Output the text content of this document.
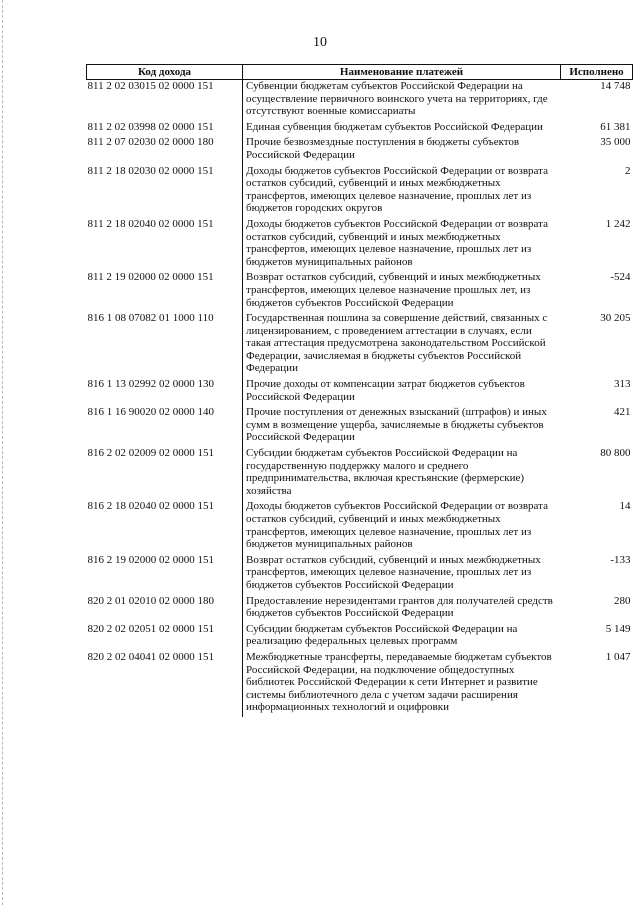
10
Код дохода	Наименование платежей	Исполнено
811 2 02 03015 02 0000 151	Субвенции бюджетам субъектов Российской Федерации на осуществление первичного воинского учета на территориях, где отсутствуют военные комиссариаты	14 748
811 2 02 03998 02 0000 151	Единая субвенция бюджетам субъектов Российской Федерации	61 381
811 2 07 02030 02 0000 180	Прочие безвозмездные поступления в бюджеты субъектов Российской Федерации	35 000
811 2 18 02030 02 0000 151	Доходы бюджетов субъектов Российской Федерации от возврата остатков субсидий, субвенций и иных межбюджетных трансфертов, имеющих целевое назначение, прошлых лет из бюджетов городских округов	2
811 2 18 02040 02 0000 151	Доходы бюджетов субъектов Российской Федерации от возврата остатков субсидий, субвенций и иных межбюджетных трансфертов, имеющих целевое назначение, прошлых лет из бюджетов муниципальных районов	1 242
811 2 19 02000 02 0000 151	Возврат остатков субсидий, субвенций и иных межбюджетных трансфертов, имеющих целевое назначение прошлых лет, из бюджетов субъектов Российской Федерации	-524
816 1 08 07082 01 1000 110	Государственная пошлина за совершение действий, связанных с лицензированием, с проведением аттестации в случаях, если такая аттестация предусмотрена законодательством Российской Федерации, зачисляемая в бюджеты субъектов Российской Федерации	30 205
816 1 13 02992 02 0000 130	Прочие доходы от компенсации затрат бюджетов субъектов Российской Федерации	313
816 1 16 90020 02 0000 140	Прочие поступления от денежных взысканий (штрафов) и иных сумм в возмещение ущерба, зачисляемые в бюджеты субъектов Российской Федерации	421
816 2 02 02009 02 0000 151	Субсидии бюджетам субъектов Российской Федерации на государственную поддержку малого и среднего предпринимательства, включая крестьянские (фермерские) хозяйства	80 800
816 2 18 02040 02 0000 151	Доходы бюджетов субъектов Российской Федерации от возврата остатков субсидий, субвенций и иных межбюджетных трансфертов, имеющих целевое назначение, прошлых лет из бюджетов муниципальных районов	14
816 2 19 02000 02 0000 151	Возврат остатков субсидий, субвенций и иных межбюджетных трансфертов, имеющих целевое назначение, прошлых лет из бюджетов субъектов Российской Федерации	-133
820 2 01 02010 02 0000 180	Предоставление нерезидентами грантов для получателей средств бюджетов субъектов Российской Федерации	280
820 2 02 02051 02 0000 151	Субсидии бюджетам субъектов Российской Федерации на реализацию федеральных целевых программ	5 149
820 2 02 04041 02 0000 151	Межбюджетные трансферты, передаваемые бюджетам субъектов Российской Федерации, на подключение общедоступных библиотек Российской Федерации к сети Интернет и развитие системы библиотечного дела с учетом задачи расширения информационных технологий и оцифровки	1 047
